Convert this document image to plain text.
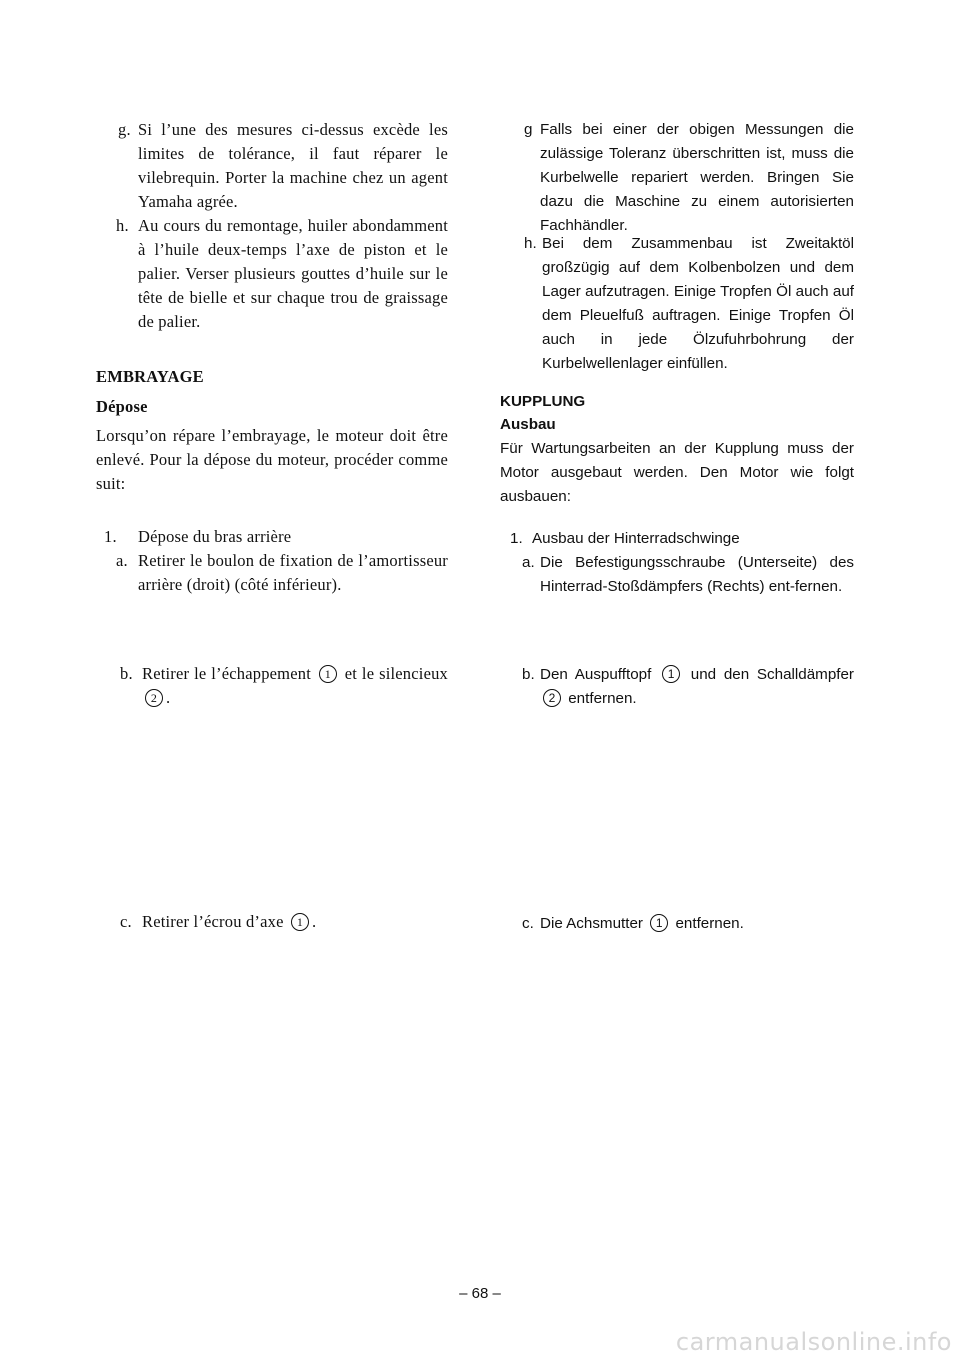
g. Si l’une des mesures ci-dessus excède les limites de tolérance, il faut réparer le vilebrequin. Porter la machine chez un agent Yamaha agrée.
h. Au cours du remontage, huiler abondamment à l’huile deux-temps l’axe de piston et le palier. Verser plusieurs gouttes d’huile sur le tête de bielle et sur chaque trou de graissage de palier.
EMBRAYAGE
Dépose
Lorsqu’on répare l’embrayage, le moteur doit être enlevé. Pour la dépose du moteur, procéder comme suit:
1.	Dépose du bras arrière
a. Retirer le boulon de fixation de l’amortisseur arrière (droit) (côté inférieur).
b. Retirer le l’échappement 1 et le silencieux 2 .
c. Retirer l’écrou d’axe 1 .
g Falls bei einer der obigen Messungen die zulässige Toleranz überschritten ist, muss die Kurbelwelle repariert werden. Bringen Sie dazu die Maschine zu einem autorisierten Fachhändler.
h. Bei dem Zusammenbau ist Zweitaktöl großzügig auf dem Kolbenbolzen und dem Lager aufzutragen. Einige Tropfen Öl auch auf dem Pleuelfuß auftragen. Einige Tropfen Öl auch in jede Ölzufuhrbohrung der Kurbelwellenlager einfüllen.
KUPPLUNG
Ausbau
Für Wartungsarbeiten an der Kupplung muss der Motor ausgebaut werden. Den Motor wie folgt ausbauen:
1. Ausbau der Hinterradschwinge
a. Die Befestigungsschraube (Unterseite) des Hinterrad-Stoßdämpfers (Rechts) ent-fernen.
b. Den Auspufftopf 1 und den Schalldämpfer 2 entfernen.
c. Die Achsmutter 1 entfernen.
– 68 –
carmanualsonline.info
